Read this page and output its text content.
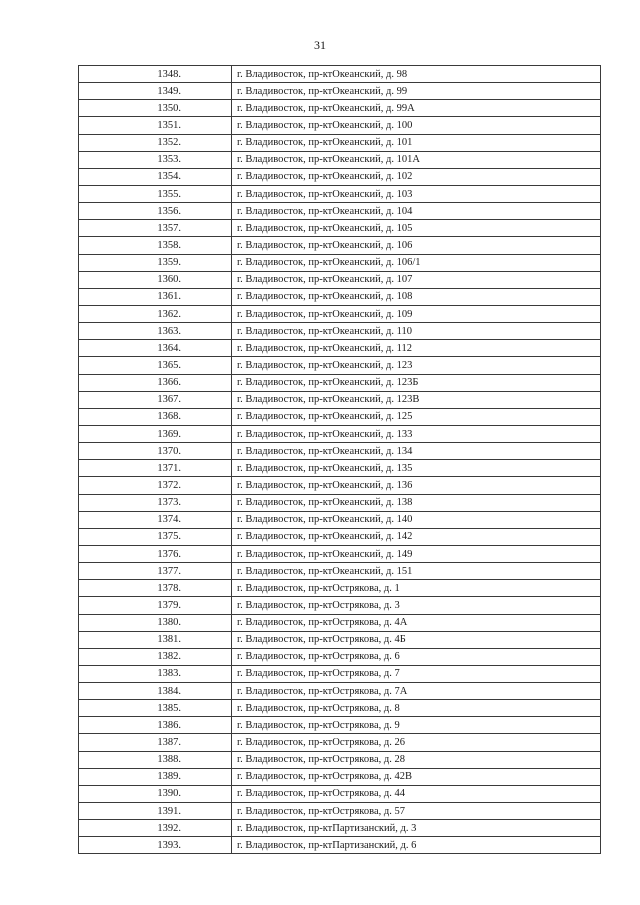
31
1348.	г. Владивосток, пр-ктОкеанский, д. 98
1349.	г. Владивосток, пр-ктОкеанский, д. 99
1350.	г. Владивосток, пр-ктОкеанский, д. 99А
1351.	г. Владивосток, пр-ктОкеанский, д. 100
1352.	г. Владивосток, пр-ктОкеанский, д. 101
1353.	г. Владивосток, пр-ктОкеанский, д. 101А
1354.	г. Владивосток, пр-ктОкеанский, д. 102
1355.	г. Владивосток, пр-ктОкеанский, д. 103
1356.	г. Владивосток, пр-ктОкеанский, д. 104
1357.	г. Владивосток, пр-ктОкеанский, д. 105
1358.	г. Владивосток, пр-ктОкеанский, д. 106
1359.	г. Владивосток, пр-ктОкеанский, д. 106/1
1360.	г. Владивосток, пр-ктОкеанский, д. 107
1361.	г. Владивосток, пр-ктОкеанский, д. 108
1362.	г. Владивосток, пр-ктОкеанский, д. 109
1363.	г. Владивосток, пр-ктОкеанский, д. 110
1364.	г. Владивосток, пр-ктОкеанский, д. 112
1365.	г. Владивосток, пр-ктОкеанский, д. 123
1366.	г. Владивосток, пр-ктОкеанский, д. 123Б
1367.	г. Владивосток, пр-ктОкеанский, д. 123В
1368.	г. Владивосток, пр-ктОкеанский, д. 125
1369.	г. Владивосток, пр-ктОкеанский, д. 133
1370.	г. Владивосток, пр-ктОкеанский, д. 134
1371.	г. Владивосток, пр-ктОкеанский, д. 135
1372.	г. Владивосток, пр-ктОкеанский, д. 136
1373.	г. Владивосток, пр-ктОкеанский, д. 138
1374.	г. Владивосток, пр-ктОкеанский, д. 140
1375.	г. Владивосток, пр-ктОкеанский, д. 142
1376.	г. Владивосток, пр-ктОкеанский, д. 149
1377.	г. Владивосток, пр-ктОкеанский, д. 151
1378.	г. Владивосток, пр-ктОстрякова, д. 1
1379.	г. Владивосток, пр-ктОстрякова, д. 3
1380.	г. Владивосток, пр-ктОстрякова, д. 4А
1381.	г. Владивосток, пр-ктОстрякова, д. 4Б
1382.	г. Владивосток, пр-ктОстрякова, д. 6
1383.	г. Владивосток, пр-ктОстрякова, д. 7
1384.	г. Владивосток, пр-ктОстрякова, д. 7А
1385.	г. Владивосток, пр-ктОстрякова, д. 8
1386.	г. Владивосток, пр-ктОстрякова, д. 9
1387.	г. Владивосток, пр-ктОстрякова, д. 26
1388.	г. Владивосток, пр-ктОстрякова, д. 28
1389.	г. Владивосток, пр-ктОстрякова, д. 42В
1390.	г. Владивосток, пр-ктОстрякова, д. 44
1391.	г. Владивосток, пр-ктОстрякова, д. 57
1392.	г. Владивосток, пр-ктПартизанский, д. 3
1393.	г. Владивосток, пр-ктПартизанский, д. 6
